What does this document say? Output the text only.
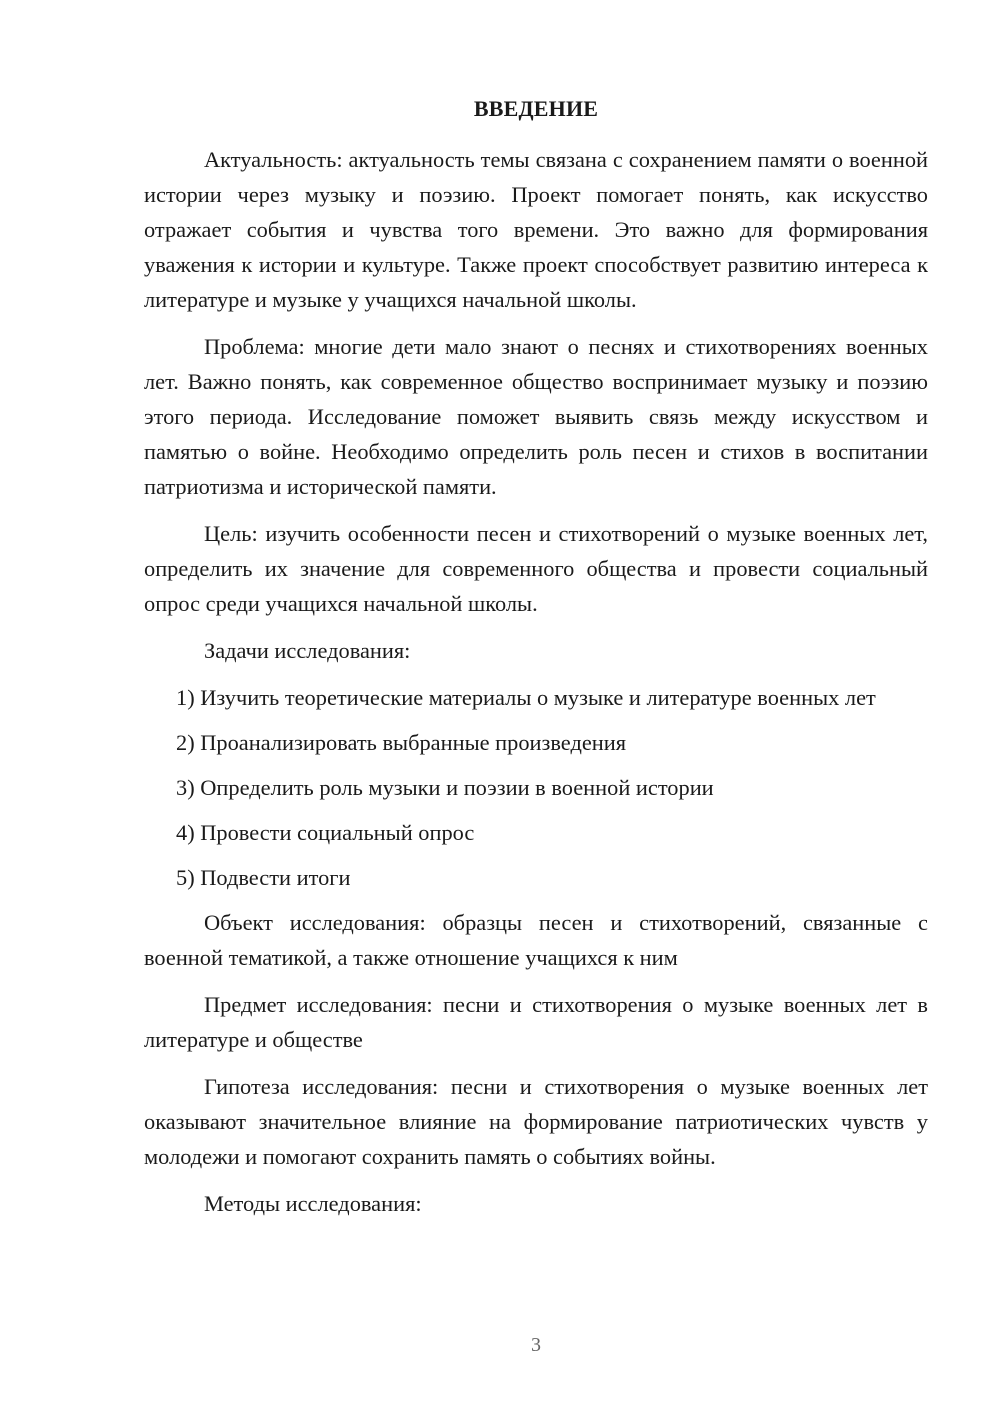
ВВЕДЕНИЕ

Актуальность: актуальность темы связана с сохранением памяти о военной истории через музыку и поэзию. Проект помогает понять, как искусство отражает события и чувства того времени. Это важно для формирования уважения к истории и культуре. Также проект способствует развитию интереса к литературе и музыке у учащихся начальной школы.

Проблема: многие дети мало знают о песнях и стихотворениях военных лет. Важно понять, как современное общество воспринимает музыку и поэзию этого периода. Исследование поможет выявить связь между искусством и памятью о войне. Необходимо определить роль песен и стихов в воспитании патриотизма и исторической памяти.

Цель: изучить особенности песен и стихотворений о музыке военных лет, определить их значение для современного общества и провести социальный опрос среди учащихся начальной школы.

Задачи исследования:

1) Изучить теоретические материалы о музыке и литературе военных лет

2) Проанализировать выбранные произведения

3) Определить роль музыки и поэзии в военной истории

4) Провести социальный опрос

5) Подвести итоги

Объект исследования: образцы песен и стихотворений, связанные с военной тематикой, а также отношение учащихся к ним

Предмет исследования: песни и стихотворения о музыке военных лет в литературе и обществе

Гипотеза исследования: песни и стихотворения о музыке военных лет оказывают значительное влияние на формирование патриотических чувств у молодежи и помогают сохранить память о событиях войны.

Методы исследования:

3
